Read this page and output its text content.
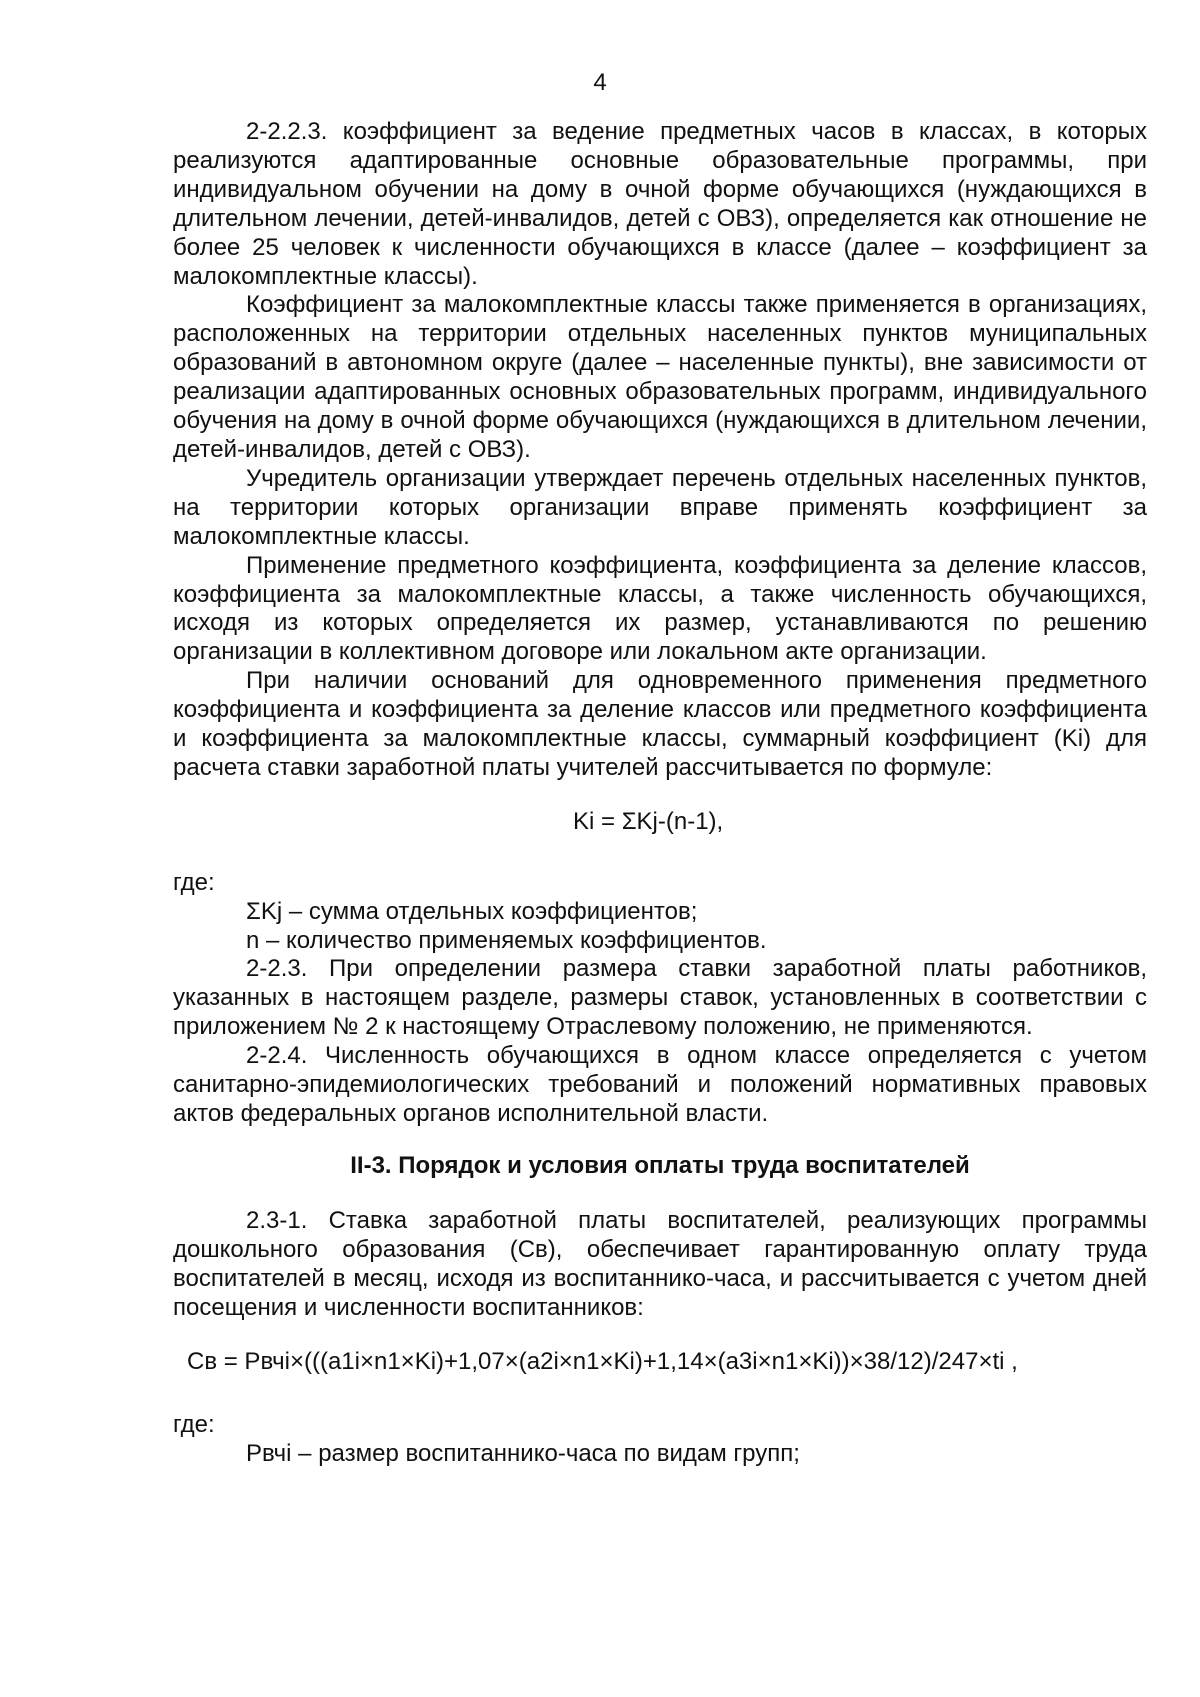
4

2-2.2.3. коэффициент за ведение предметных часов в классах, в которых реализуются адаптированные основные образовательные программы, при индивидуальном обучении на дому в очной форме обучающихся (нуждающихся в длительном лечении, детей-инвалидов, детей с ОВЗ), определяется как отношение не более 25 человек к численности обучающихся в классе (далее – коэффициент за малокомплектные классы).

Коэффициент за малокомплектные классы также применяется в организациях, расположенных на территории отдельных населенных пунктов муниципальных образований в автономном округе (далее – населенные пункты), вне зависимости от реализации адаптированных основных образовательных программ, индивидуального обучения на дому в очной форме обучающихся (нуждающихся в длительном лечении, детей-инвалидов, детей с ОВЗ).

Учредитель организации утверждает перечень отдельных населенных пунктов, на территории которых организации вправе применять коэффициент за малокомплектные классы.

Применение предметного коэффициента, коэффициента за деление классов, коэффициента за малокомплектные классы, а также численность обучающихся, исходя из которых определяется их размер, устанавливаются по решению организации в коллективном договоре или локальном акте организации.

При наличии оснований для одновременного применения предметного коэффициента и коэффициента за деление классов или предметного коэффициента и коэффициента за малокомплектные классы, суммарный коэффициент (Ki) для расчета ставки заработной платы учителей рассчитывается по формуле:

Ki = ΣKj-(n-1),

где:

ΣKj – сумма отдельных коэффициентов;

n – количество применяемых коэффициентов.

2-2.3. При определении размера ставки заработной платы работников, указанных в настоящем разделе, размеры ставок, установленных в соответствии с приложением № 2 к настоящему Отраслевому положению, не применяются.

2-2.4. Численность обучающихся в одном классе определяется с учетом санитарно-эпидемиологических требований и положений нормативных правовых актов федеральных органов исполнительной власти.

II-3. Порядок и условия оплаты труда воспитателей

2.3-1. Ставка заработной платы воспитателей, реализующих программы дошкольного образования (Св), обеспечивает гарантированную оплату труда воспитателей в месяц, исходя из воспитаннико-часа, и рассчитывается с учетом дней посещения и численности воспитанников:

Св = Рвчi×(((a1i×n1×Ki)+1,07×(a2i×n1×Ki)+1,14×(a3i×n1×Ki))×38/12)/247×ti ,

где:

Рвчi – размер воспитаннико-часа по видам групп;
